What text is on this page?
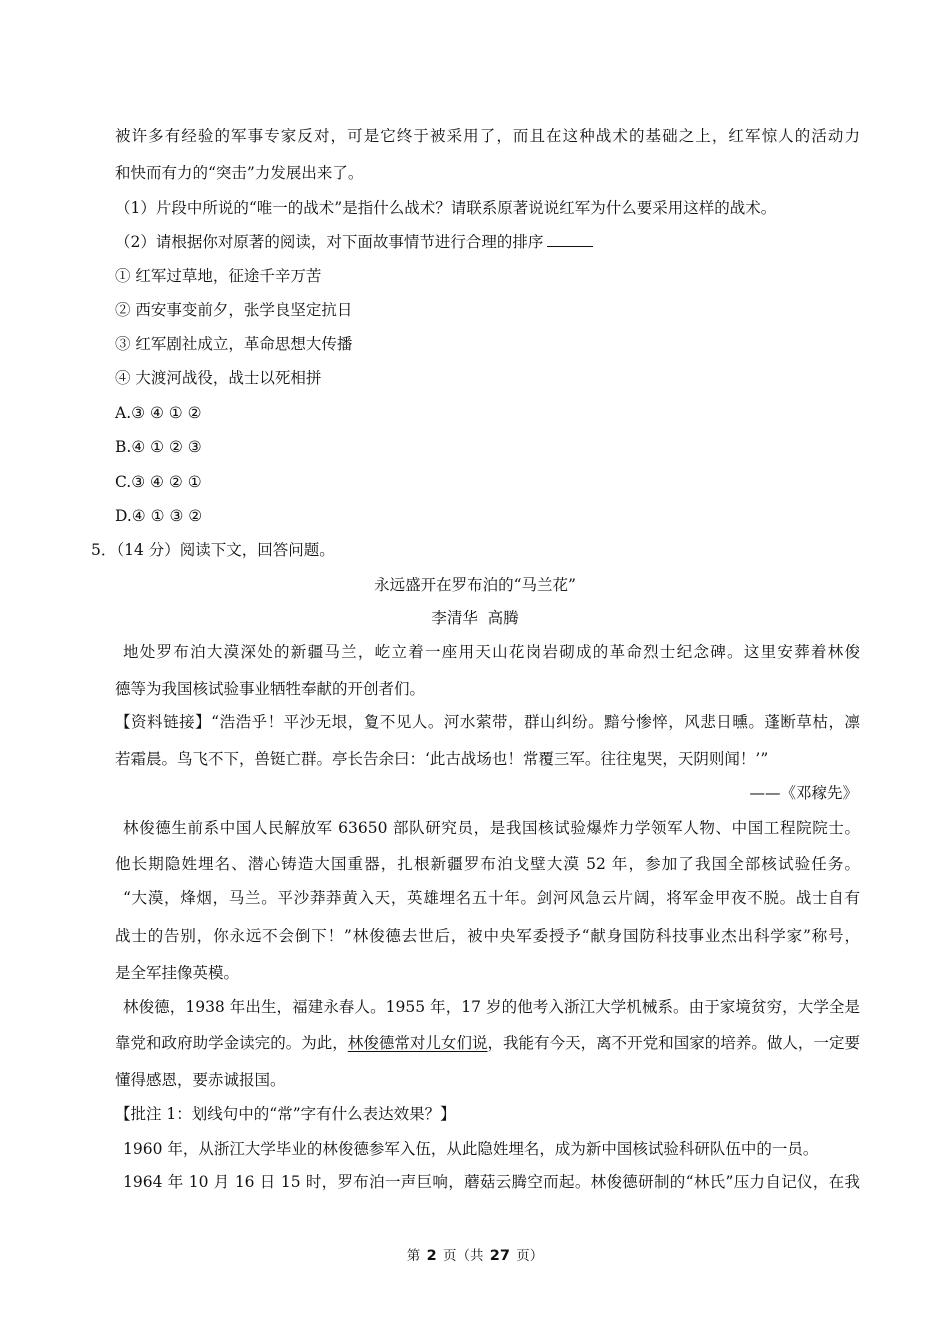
被许多有经验的军事专家反对，可是它终于被采用了，而且在这种战术的基础之上，红军惊人的活动力
和快而有力的“突击”力发展出来了。
（1）片段中所说的“唯一的战术”是指什么战术？请联系原著说说红军为什么要采用这样的战术。
（2）请根据你对原著的阅读，对下面故事情节进行合理的排序
① 红军过草地，征途千辛万苦
② 西安事变前夕，张学良坚定抗日
③ 红军剧社成立，革命思想大传播
④ 大渡河战役，战士以死相拼
A.③ ④ ① ②
B.④ ① ② ③
C.③ ④ ② ①
D.④ ① ③ ②
5．（14 分）阅读下文，回答问题。
永远盛开在罗布泊的“马兰花”
李清华  高腾
地处罗布泊大漠深处的新疆马兰，屹立着一座用天山花岗岩砌成的革命烈士纪念碑。这里安葬着林俊
德等为我国核试验事业牺牲奉献的开创者们。
【资料链接】“浩浩乎！平沙无垠，夐不见人。河水萦带，群山纠纷。黯兮惨悴，风悲日曛。蓬断草枯，凛
若霜晨。鸟飞不下，兽铤亡群。亭长告余曰：‘此古战场也！常覆三军。往往鬼哭，天阴则闻！’”
——《邓稼先》
林俊德生前系中国人民解放军 63650 部队研究员，是我国核试验爆炸力学领军人物、中国工程院院士。
他长期隐姓埋名、潜心铸造大国重器，扎根新疆罗布泊戈壁大漠 52 年，参加了我国全部核试验任务。
“大漠，烽烟，马兰。平沙莽莽黄入天，英雄埋名五十年。剑河风急云片阔，将军金甲夜不脱。战士自有
战士的告别，你永远不会倒下！”林俊德去世后，被中央军委授予“献身国防科技事业杰出科学家”称号，
是全军挂像英模。
林俊德，1938 年出生，福建永春人。1955 年，17 岁的他考入浙江大学机械系。由于家境贫穷，大学全是
靠党和政府助学金读完的。为此，林俊德常对儿女们说，我能有今天，离不开党和国家的培养。做人，一定要
懂得感恩，要赤诚报国。
【批注 1：划线句中的“常”字有什么表达效果？】
1960 年，从浙江大学毕业的林俊德参军入伍，从此隐姓埋名，成为新中国核试验科研队伍中的一员。
1964 年 10 月 16 日 15 时，罗布泊一声巨响，蘑菇云腾空而起。林俊德研制的“林氏”压力自记仪，在我
第 2 页（共 27 页）
